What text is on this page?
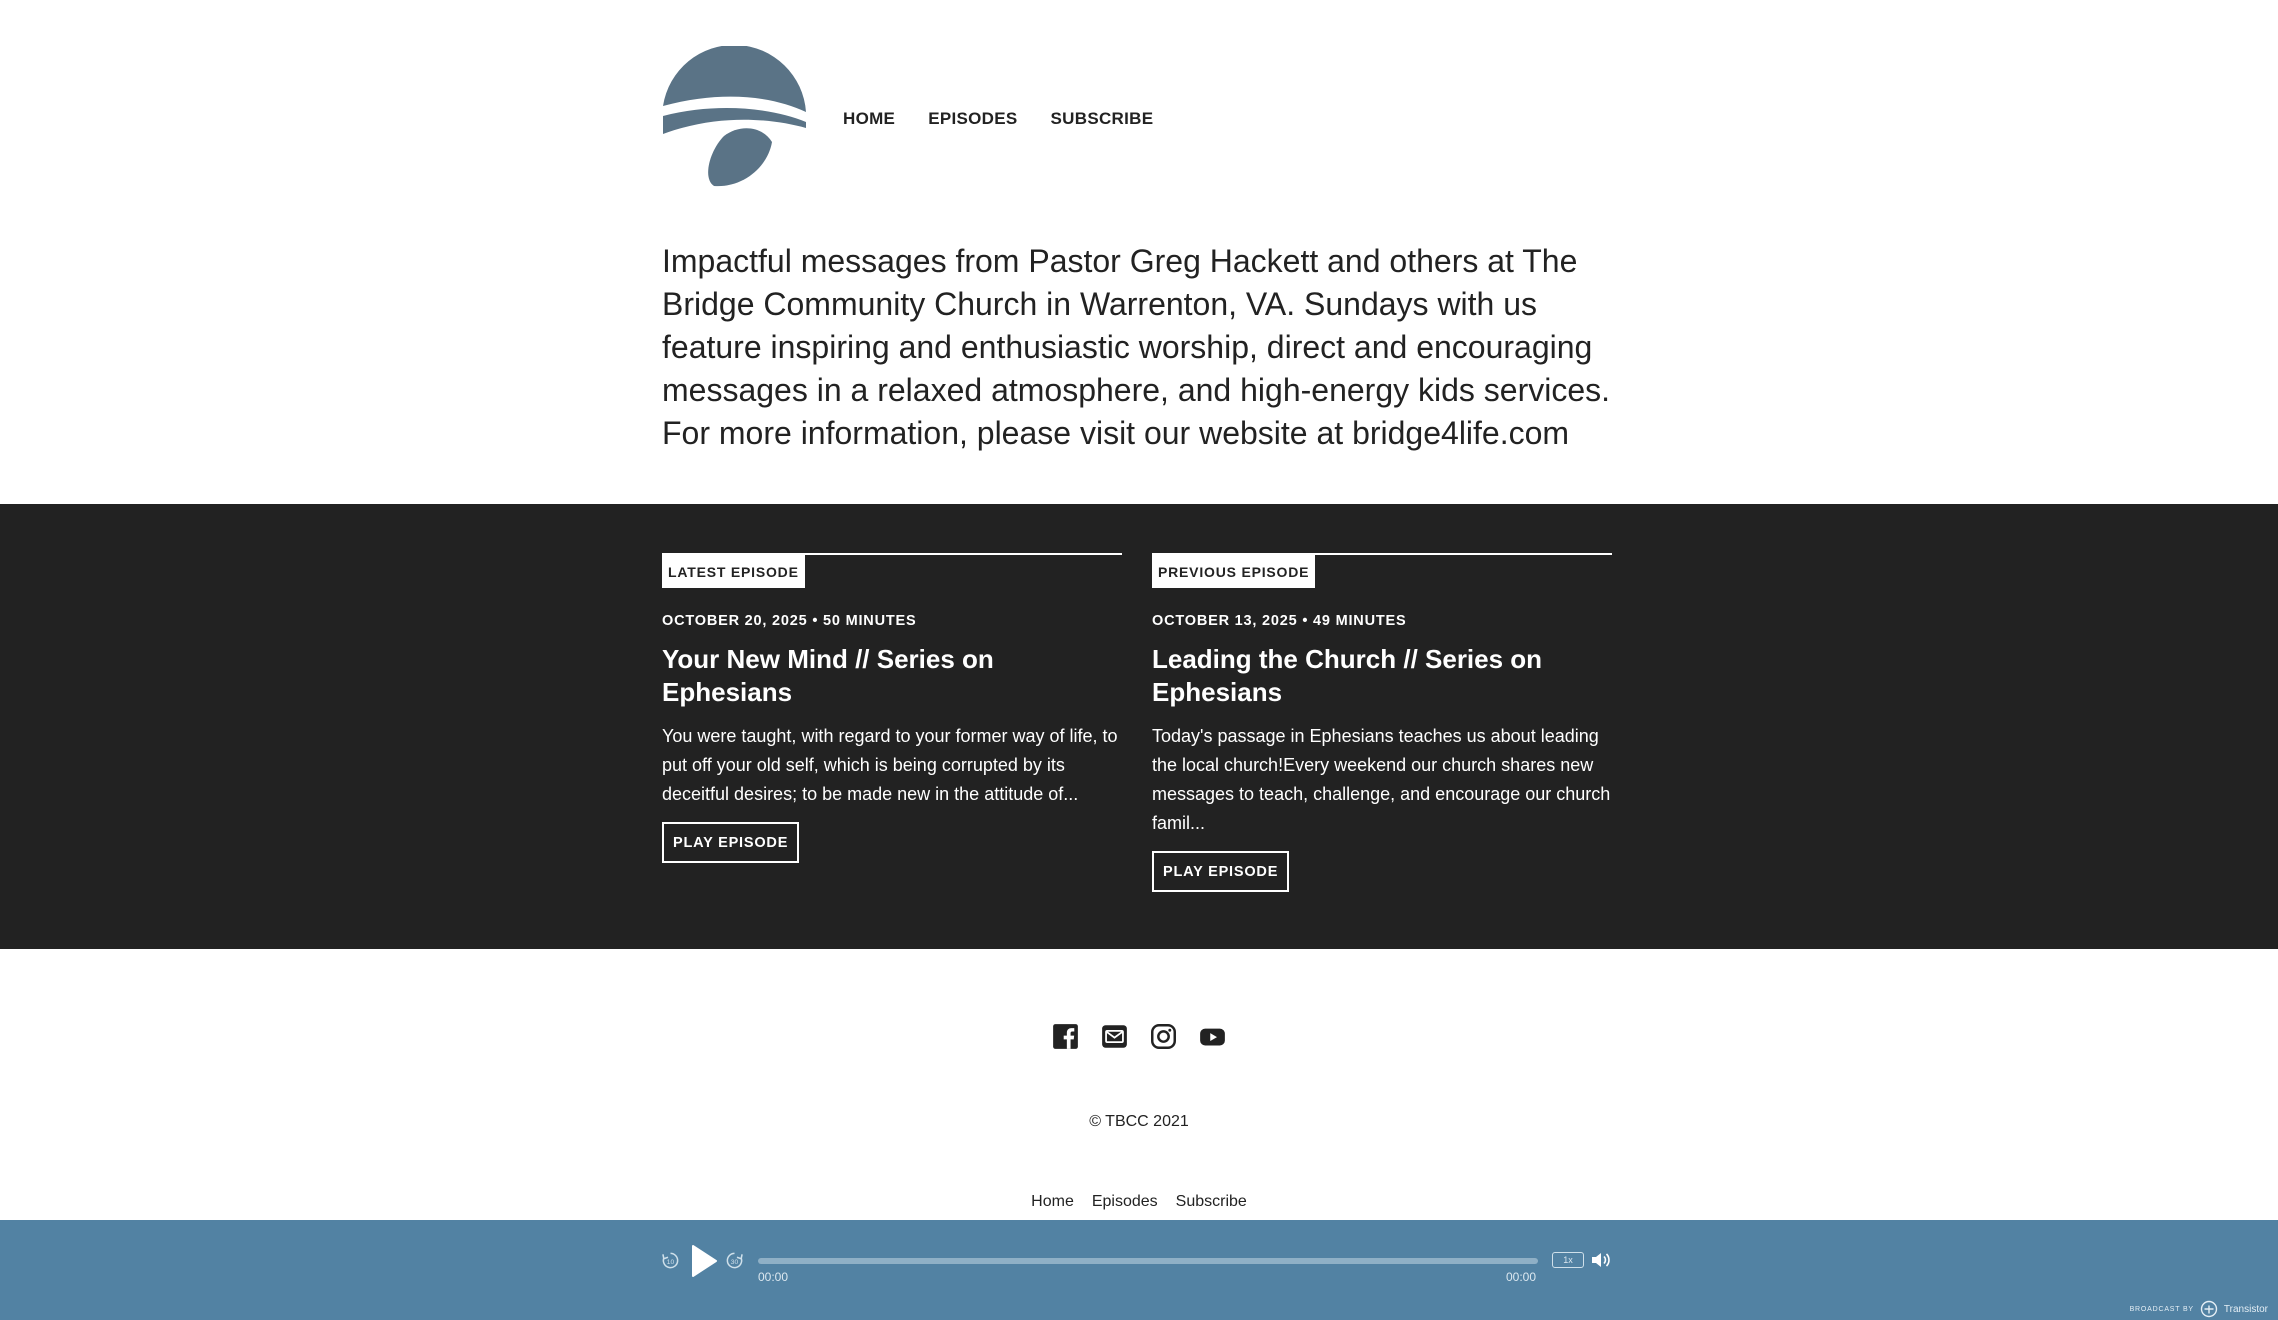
HOME EPISODES SUBSCRIBE

Impactful messages from Pastor Greg Hackett and others at The Bridge Community Church in Warrenton, VA. Sundays with us feature inspiring and enthusiastic worship, direct and encouraging messages in a relaxed atmosphere, and high-energy kids services. For more information, please visit our website at bridge4life.com

LATEST EPISODE
OCTOBER 20, 2025 • 50 MINUTES
Your New Mind // Series on Ephesians

You were taught, with regard to your former way of life, to put off your old self, which is being corrupted by its deceitful desires; to be made new in the attitude of...

PLAY EPISODE
PREVIOUS EPISODE
OCTOBER 13, 2025 • 49 MINUTES
Leading the Church // Series on Ephesians

Today's passage in Ephesians teaches us about leading the local church!Every weekend our church shares new messages to teach, challenge, and encourage our church famil...

PLAY EPISODE
© TBCC 2021
Home Episodes Subscribe
10	30
00:00	00:00
1x
BROADCAST BY	Transistor
